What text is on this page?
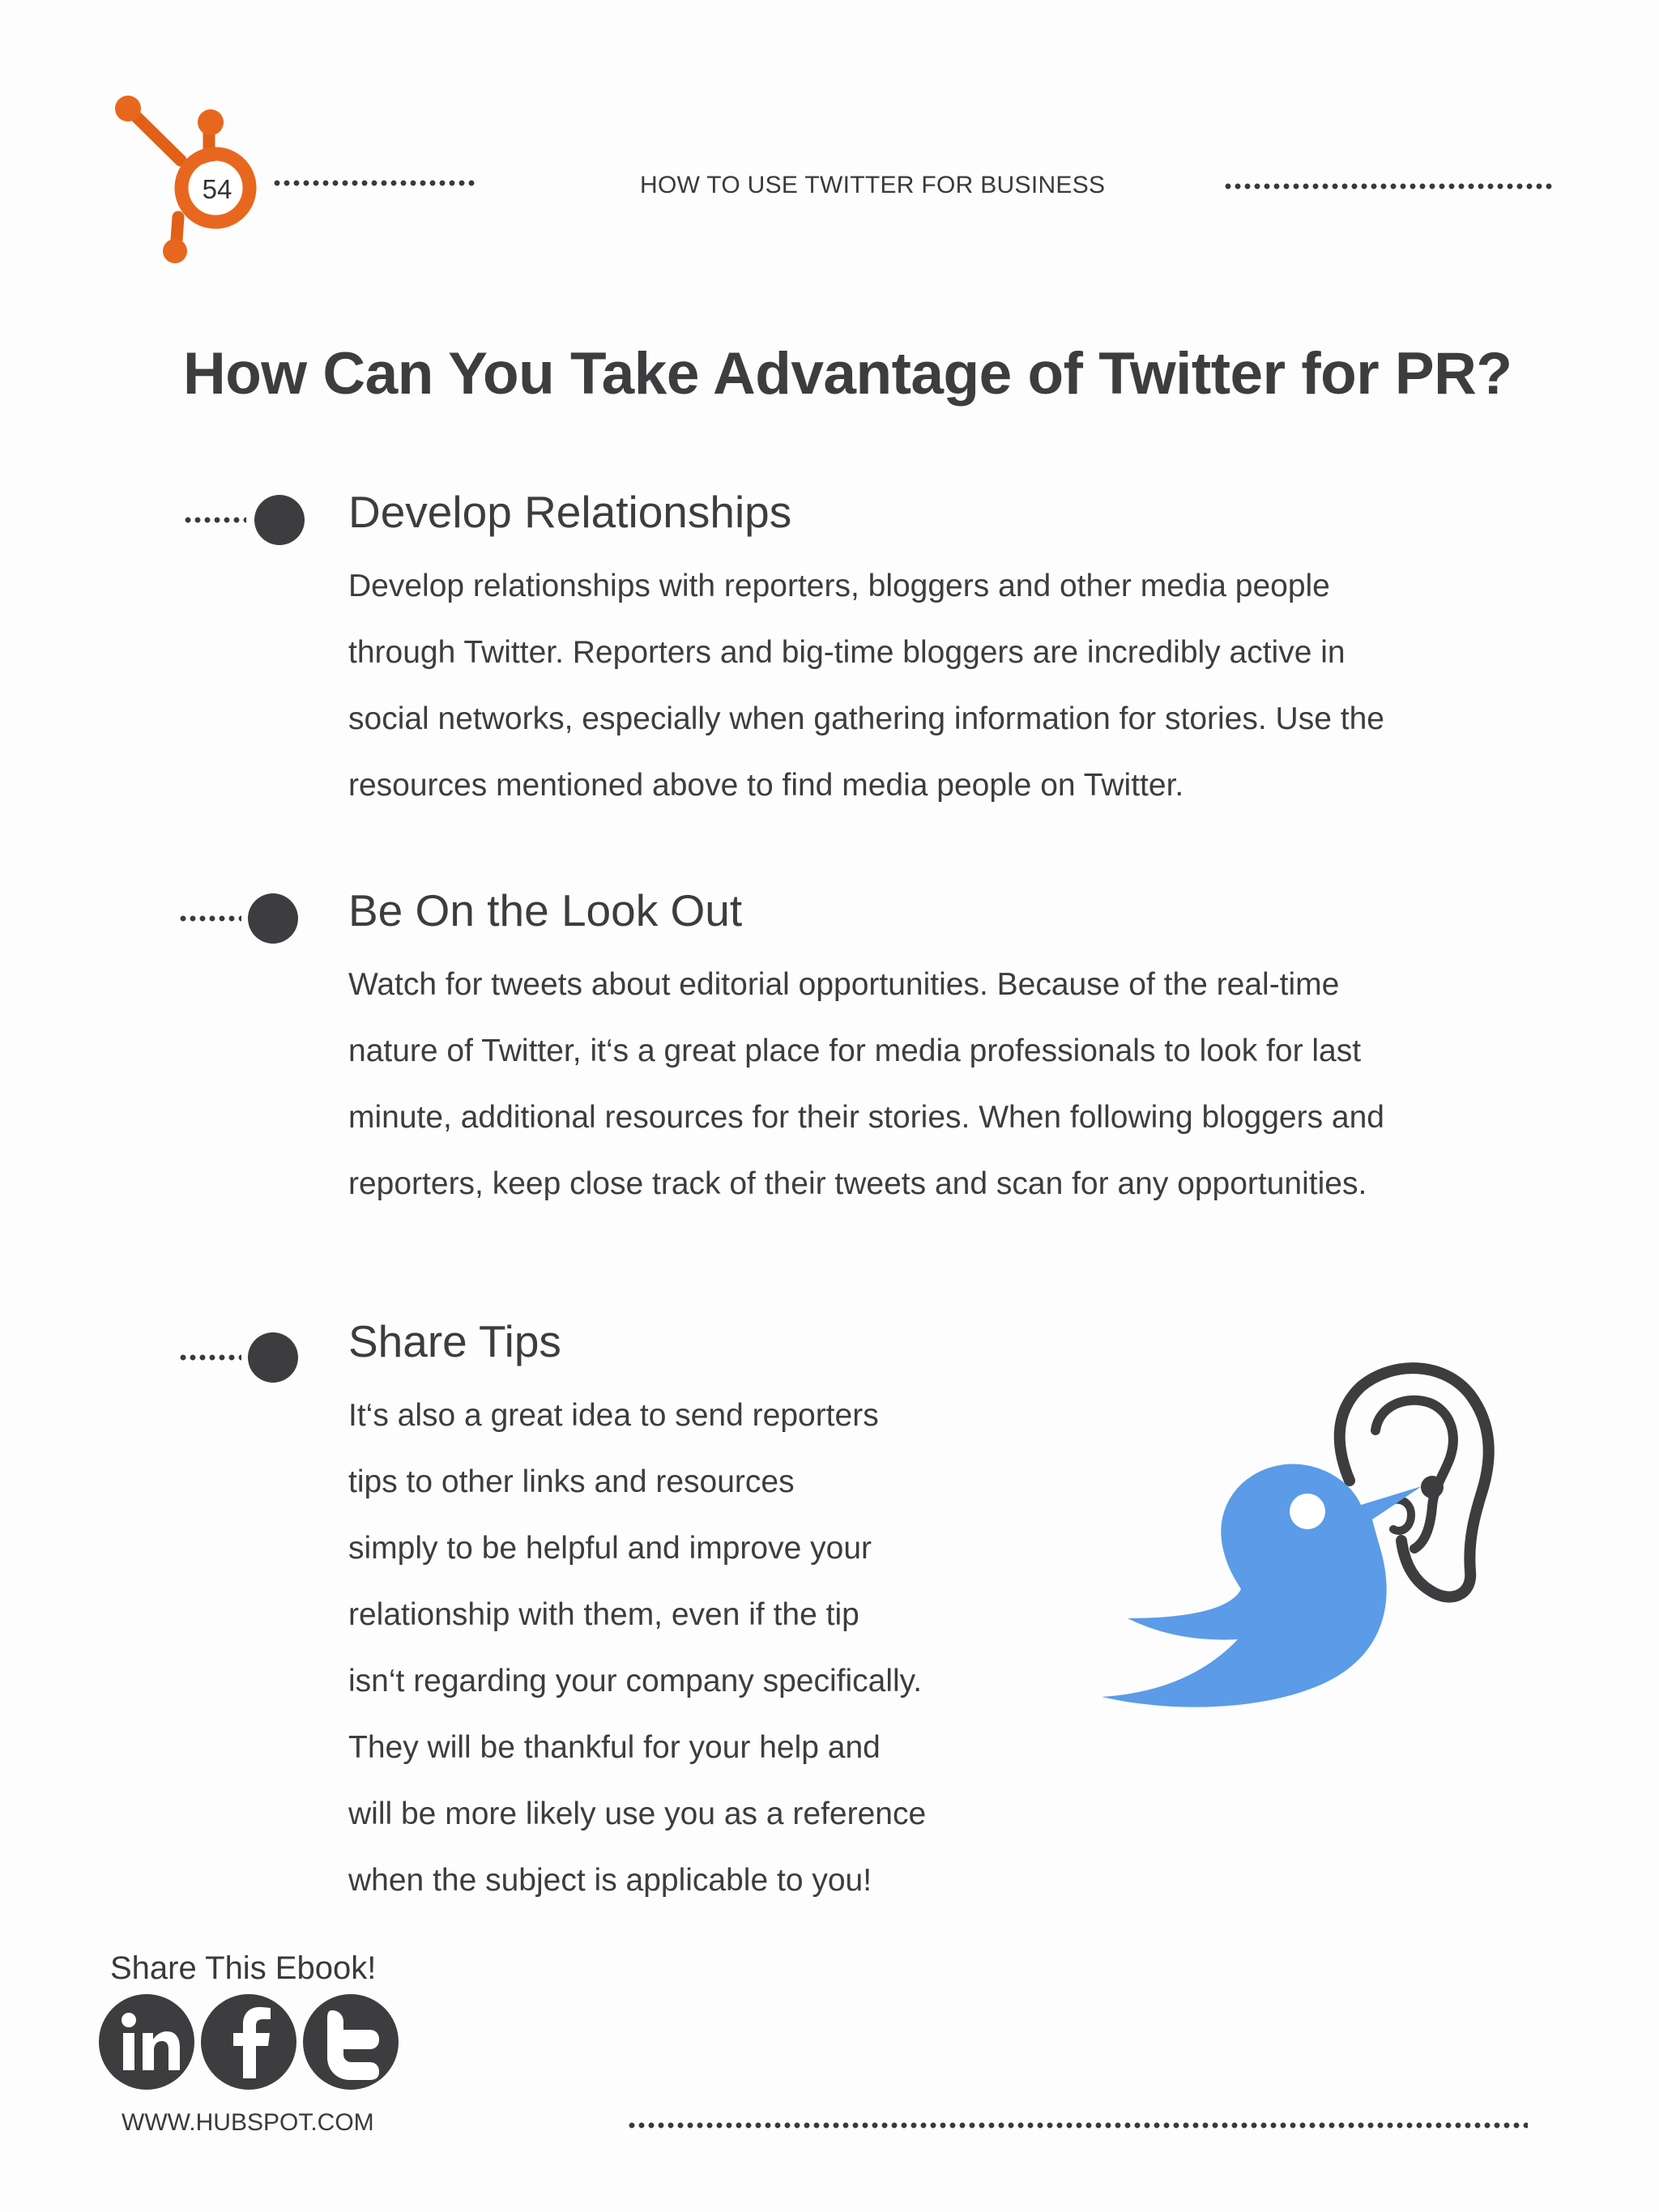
54	HOW TO USE TWITTER FOR BUSINESS
How Can You Take Advantage of Twitter for PR?
Develop Relationships
Develop relationships with reporters, bloggers and other media people
through Twitter. Reporters and big-time bloggers are incredibly active in
social networks, especially when gathering information for stories. Use the
resources mentioned above to find media people on Twitter.
Be On the Look Out
Watch for tweets about editorial opportunities. Because of the real-time
nature of Twitter, it‘s a great place for media professionals to look for last
minute, additional resources for their stories. When following bloggers and
reporters, keep close track of their tweets and scan for any opportunities.
Share Tips
It‘s also a great idea to send reporters
tips to other links and resources
simply to be helpful and improve your
relationship with them, even if the tip
isn‘t regarding your company specifically.
They will be thankful for your help and
will be more likely use you as a reference
when the subject is applicable to you!
Share This Ebook!
WWW.HUBSPOT.COM
